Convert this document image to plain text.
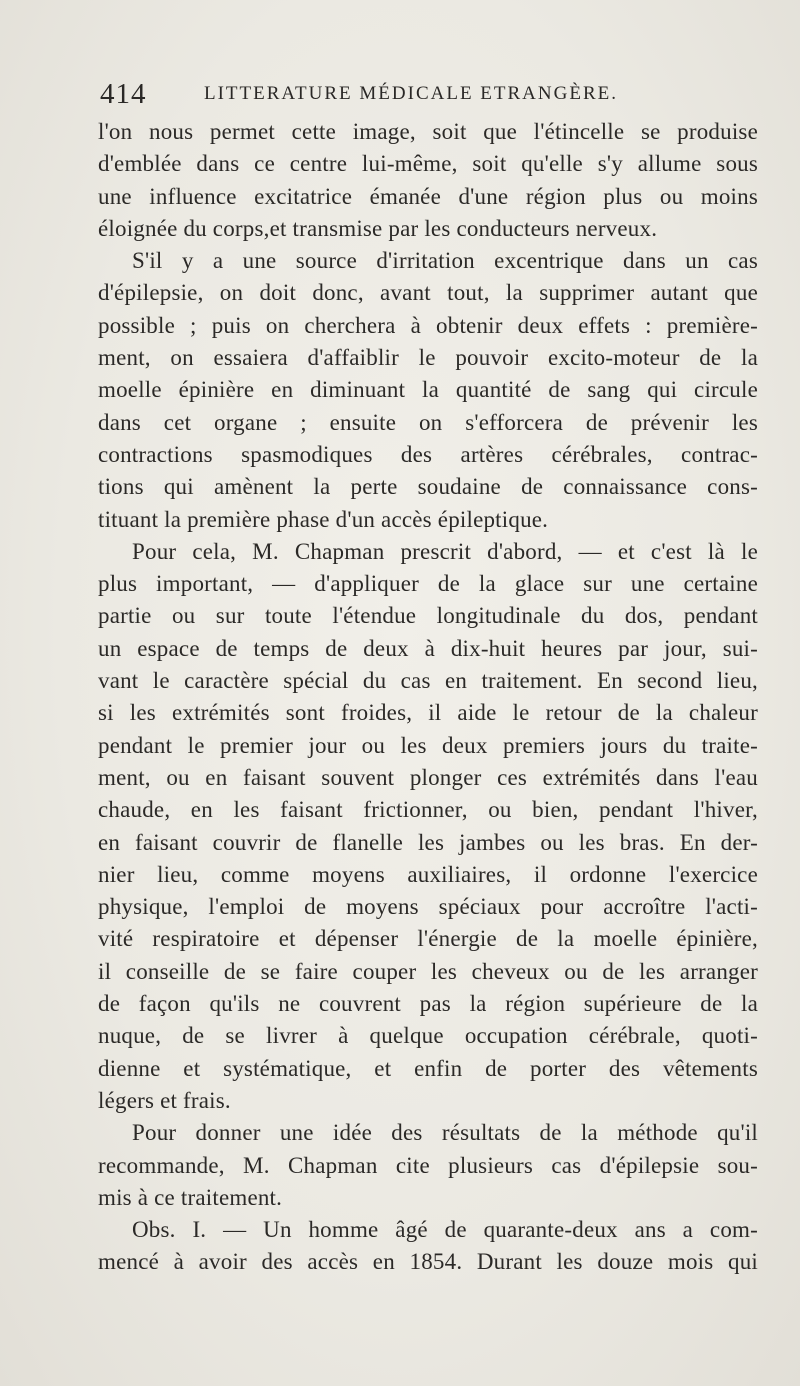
414	LITTERATURE MÉDICALE ETRANGÈRE.
l'on nous permet cette image, soit que l'étincelle se produise
d'emblée dans ce centre lui-même, soit qu'elle s'y allume sous
une influence excitatrice émanée d'une région plus ou moins
éloignée du corps,et transmise par les conducteurs nerveux.
S'il y a une source d'irritation excentrique dans un cas
d'épilepsie, on doit donc, avant tout, la supprimer autant que
possible ; puis on cherchera à obtenir deux effets : première-
ment, on essaiera d'affaiblir le pouvoir excito-moteur de la
moelle épinière en diminuant la quantité de sang qui circule
dans cet organe ; ensuite on s'efforcera de prévenir les
contractions spasmodiques des artères cérébrales, contrac-
tions qui amènent la perte soudaine de connaissance cons-
tituant la première phase d'un accès épileptique.
Pour cela, M. Chapman prescrit d'abord, — et c'est là le
plus important, — d'appliquer de la glace sur une certaine
partie ou sur toute l'étendue longitudinale du dos, pendant
un espace de temps de deux à dix-huit heures par jour, sui-
vant le caractère spécial du cas en traitement. En second lieu,
si les extrémités sont froides, il aide le retour de la chaleur
pendant le premier jour ou les deux premiers jours du traite-
ment, ou en faisant souvent plonger ces extrémités dans l'eau
chaude, en les faisant frictionner, ou bien, pendant l'hiver,
en faisant couvrir de flanelle les jambes ou les bras. En der-
nier lieu, comme moyens auxiliaires, il ordonne l'exercice
physique, l'emploi de moyens spéciaux pour accroître l'acti-
vité respiratoire et dépenser l'énergie de la moelle épinière,
il conseille de se faire couper les cheveux ou de les arranger
de façon qu'ils ne couvrent pas la région supérieure de la
nuque, de se livrer à quelque occupation cérébrale, quoti-
dienne et systématique, et enfin de porter des vêtements
légers et frais.
Pour donner une idée des résultats de la méthode qu'il
recommande, M. Chapman cite plusieurs cas d'épilepsie sou-
mis à ce traitement.
Obs. I. — Un homme âgé de quarante-deux ans a com-
mencé à avoir des accès en 1854. Durant les douze mois qui
